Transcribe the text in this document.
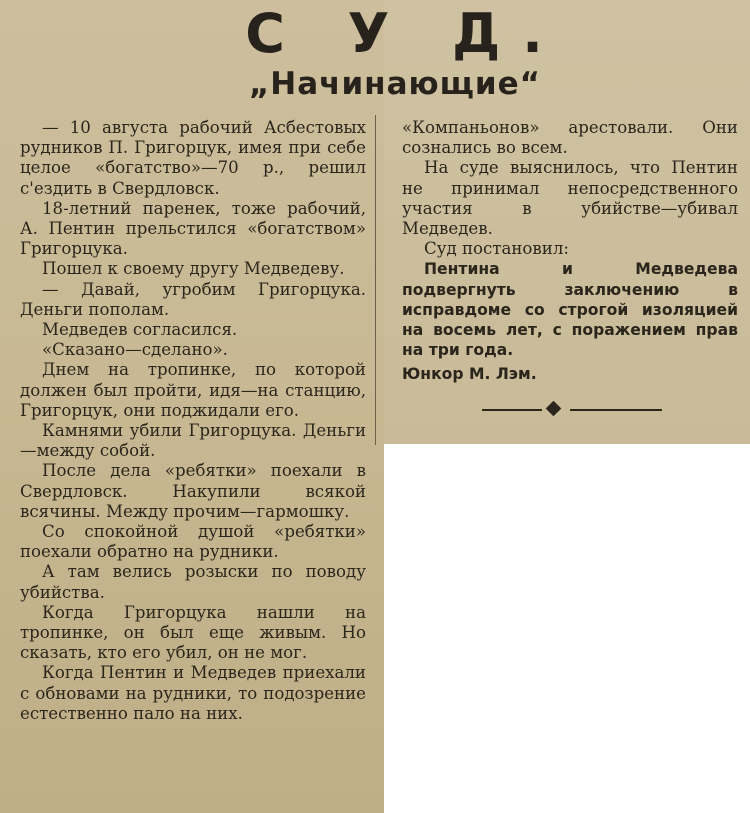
С У Д.
„Начинающие“

— 10 августа рабочий Асбестовых рудников П. Григорцук, имея при себе целое «богатство»—70 р., решил с'ездить в Свердловск.

18-летний паренек, тоже рабочий, А. Пентин прельстился «богатством» Григорцука.

Пошел к своему другу Медведеву.

— Давай, угробим Григорцука. Деньги пополам.

Медведев согласился.

«Сказано—сделано».

Днем на тропинке, по которой должен был пройти, идя—на станцию, Григорцук, они поджидали его.

Камнями убили Григорцука. Деньги—между собой.

После дела «ребятки» поехали в Свердловск. Накупили всякой всячины. Между прочим—гармошку.

Со спокойной душой «ребятки» поехали обратно на рудники.

А там велись розыски по поводу убийства.

Когда Григорцука нашли на тропинке, он был еще живым. Но сказать, кто его убил, он не мог.

Когда Пентин и Медведев приехали с обновами на рудники, то подозрение естественно пало на них.

«Компаньонов» арестовали. Они сознались во всем.

На суде выяснилось, что Пентин не принимал непосредственного участия в убийстве—убивал Медведев.

Суд постановил:

Пентина и Медведева подвергнуть заключению в исправдоме со строгой изоляцией на восемь лет, с поражением прав на три года.

Юнкор М. Лэм.
